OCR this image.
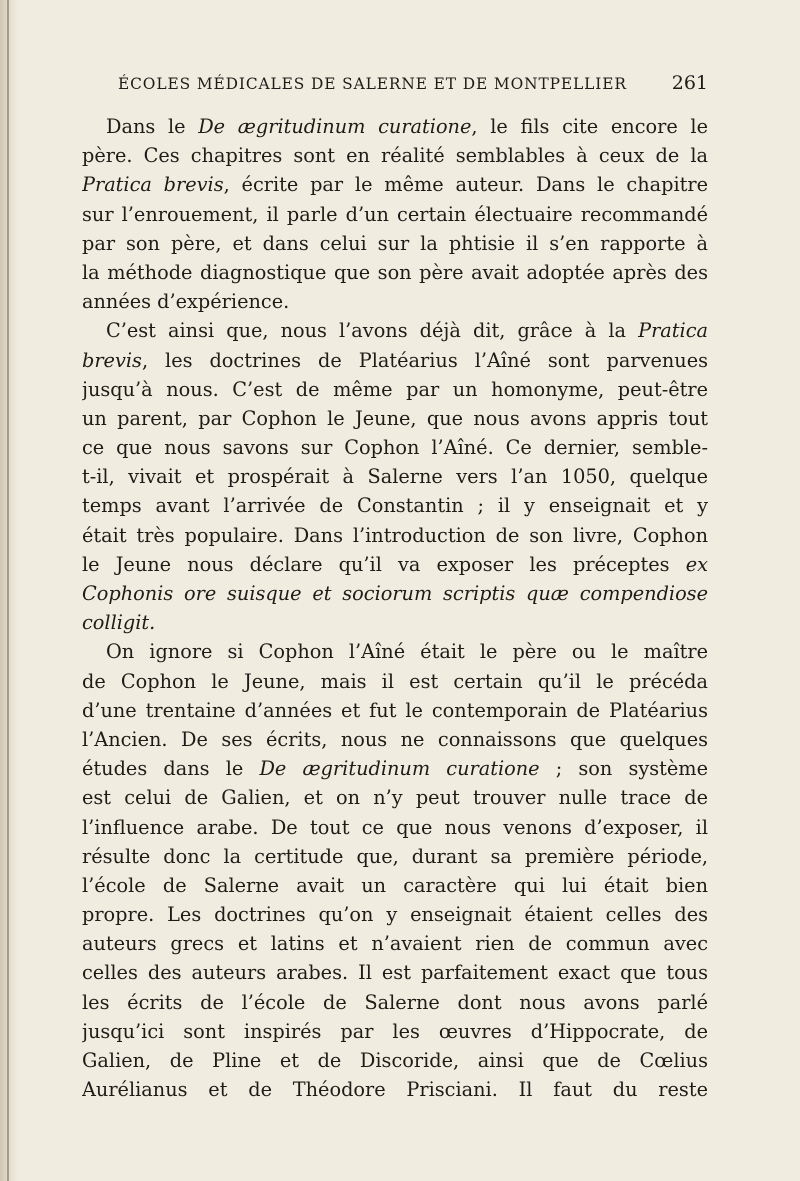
ÉCOLES MÉDICALES DE SALERNE ET DE MONTPELLIER 261
Dans le De ægritudinum curatione, le fils cite encore le
père. Ces chapitres sont en réalité semblables à ceux de la
Pratica brevis, écrite par le même auteur. Dans le chapitre
sur l’enrouement, il parle d’un certain électuaire recommandé
par son père, et dans celui sur la phtisie il s’en rapporte à
la méthode diagnostique que son père avait adoptée après des
années d’expérience.
C’est ainsi que, nous l’avons déjà dit, grâce à la Pratica
brevis, les doctrines de Platéarius l’Aîné sont parvenues
jusqu’à nous. C’est de même par un homonyme, peut-être
un parent, par Cophon le Jeune, que nous avons appris tout
ce que nous savons sur Cophon l’Aîné. Ce dernier, semble-
t-il, vivait et prospérait à Salerne vers l’an 1050, quelque
temps avant l’arrivée de Constantin ; il y enseignait et y
était très populaire. Dans l’introduction de son livre, Cophon
le Jeune nous déclare qu’il va exposer les préceptes ex
Cophonis ore suisque et sociorum scriptis quæ compendiose
colligit.
On ignore si Cophon l’Aîné était le père ou le maître
de Cophon le Jeune, mais il est certain qu’il le précéda
d’une trentaine d’années et fut le contemporain de Platéarius
l’Ancien. De ses écrits, nous ne connaissons que quelques
études dans le De ægritudinum curatione ; son système
est celui de Galien, et on n’y peut trouver nulle trace de
l’influence arabe. De tout ce que nous venons d’exposer, il
résulte donc la certitude que, durant sa première période,
l’école de Salerne avait un caractère qui lui était bien
propre. Les doctrines qu’on y enseignait étaient celles des
auteurs grecs et latins et n’avaient rien de commun avec
celles des auteurs arabes. Il est parfaitement exact que tous
les écrits de l’école de Salerne dont nous avons parlé
jusqu’ici sont inspirés par les œuvres d’Hippocrate, de
Galien, de Pline et de Discoride, ainsi que de Cœlius
Aurélianus et de Théodore Prisciani. Il faut du reste
